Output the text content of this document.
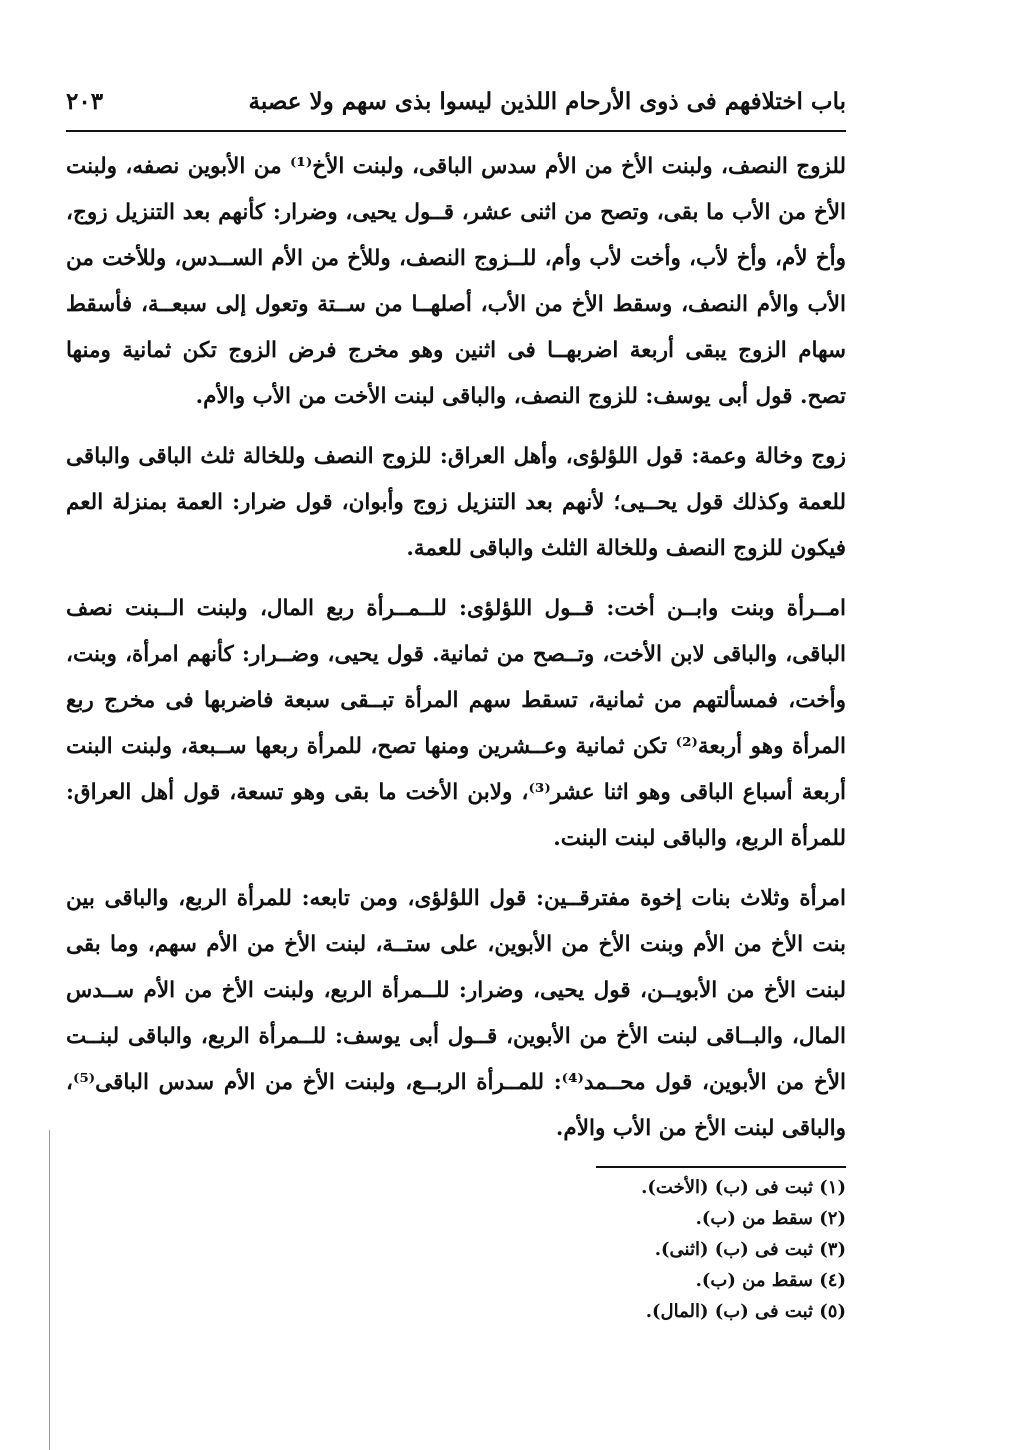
باب اختلافهم فى ذوى الأرحام اللذين ليسوا بذى سهم ولا عصبة
٢٠٣

للزوج النصف، ولبنت الأخ من الأم سدس الباقى، ولبنت الأخ⁽¹⁾ من الأبوين نصفه، ولبنت الأخ من الأب ما بقى، وتصح من اثنى عشر، قــول يحيى، وضرار: كأنهم بعد التنزيل زوج، وأخ لأم، وأخ لأب، وأخت لأب وأم، للــزوج النصف، وللأخ من الأم الســدس، وللأخت من الأب والأم النصف، وسقط الأخ من الأب، أصلهــا من ســتة وتعول إلى سبعــة، فأسقط سهام الزوج يبقى أربعة اضربهــا فى اثنين وهو مخرج فرض الزوج تكن ثمانية ومنها تصح. قول أبى يوسف: للزوج النصف، والباقى لبنت الأخت من الأب والأم.

زوج وخالة وعمة: قول اللؤلؤى، وأهل العراق: للزوج النصف وللخالة ثلث الباقى والباقى للعمة وكذلك قول يحــيى؛ لأنهم بعد التنزيل زوج وأبوان، قول ضرار: العمة بمنزلة العم فيكون للزوج النصف وللخالة الثلث والباقى للعمة.

امــرأة وبنت وابــن أخت: قــول اللؤلؤى: للــمــرأة ربع المال، ولبنت الــبنت نصف الباقى، والباقى لابن الأخت، وتــصح من ثمانية. قول يحيى، وضــرار: كأنهم امرأة، وبنت، وأخت، فمسألتهم من ثمانية، تسقط سهم المرأة تبــقى سبعة فاضربها فى مخرج ربع المرأة وهو أربعة⁽²⁾ تكن ثمانية وعــشرين ومنها تصح، للمرأة ربعها ســبعة، ولبنت البنت أربعة أسباع الباقى وهو اثنا عشر⁽³⁾، ولابن الأخت ما بقى وهو تسعة، قول أهل العراق: للمرأة الربع، والباقى لبنت البنت.

امرأة وثلاث بنات إخوة مفترقــين: قول اللؤلؤى، ومن تابعه: للمرأة الربع، والباقى بين بنت الأخ من الأم وبنت الأخ من الأبوين، على ستــة، لبنت الأخ من الأم سهم، وما بقى لبنت الأخ من الأبويــن، قول يحيى، وضرار: للــمرأة الربع، ولبنت الأخ من الأم ســدس المال، والبــاقى لبنت الأخ من الأبوين، قــول أبى يوسف: للــمرأة الربع، والباقى لبنــت الأخ من الأبوين، قول محــمد⁽⁴⁾: للمــرأة الربــع، ولبنت الأخ من الأم سدس الباقى⁽⁵⁾، والباقى لبنت الأخ من الأب والأم.

(١) ثبت فى (ب) (الأخت).
(٢) سقط من (ب).
(٣) ثبت فى (ب) (اثنى).
(٤) سقط من (ب).
(٥) ثبت فى (ب) (المال).
